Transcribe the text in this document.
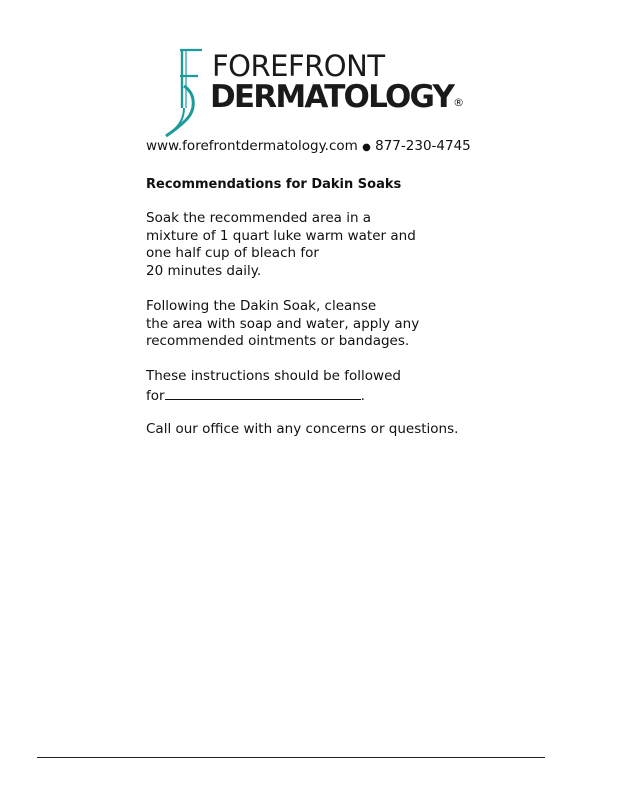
FOREFRONT
DERMATOLOGY®
www.forefrontdermatology.com ● 877-230-4745
Recommendations for Dakin Soaks
Soak the recommended area in a
mixture of 1 quart luke warm water and
one half cup of bleach for
20 minutes daily.
Following the Dakin Soak, cleanse
the area with soap and water, apply any
recommended ointments or bandages.
These instructions should be followed
for	.
Call our office with any concerns or questions.
